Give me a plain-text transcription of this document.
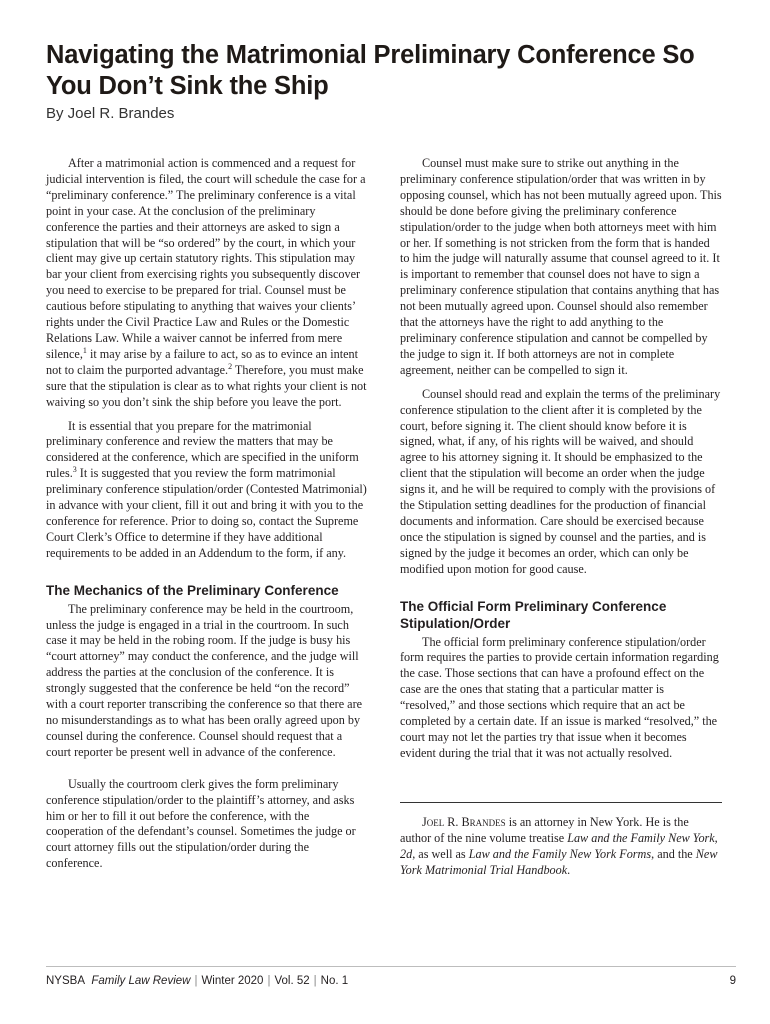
Navigating the Matrimonial Preliminary Conference So
You Don’t Sink the Ship

By Joel R. Brandes

After a matrimonial action is commenced and a request for judicial intervention is filed, the court will schedule the case for a “preliminary conference.” The preliminary conference is a vital point in your case. At the conclusion of the preliminary conference the parties and their attorneys are asked to sign a stipulation that will be “so ordered” by the court, in which your client may give up certain statutory rights. This stipulation may bar your client from exercising rights you subsequently discover you need to exercise to be prepared for trial. Counsel must be cautious before stipulating to anything that waives your clients’ rights under the Civil Practice Law and Rules or the Domestic Relations Law. While a waiver cannot be inferred from mere silence,$^1$ it may arise by a failure to act, so as to evince an intent not to claim the purported advantage.$^2$ Therefore, you must make sure that the stipulation is clear as to what rights your client is not waiving so you don’t sink the ship before you leave the port.

It is essential that you prepare for the matrimonial preliminary conference and review the matters that may be considered at the conference, which are specified in the uniform rules.$^3$ It is suggested that you review the form matrimonial preliminary conference stipulation/order (Contested Matrimonial) in advance with your client, fill it out and bring it with you to the conference for reference. Prior to doing so, contact the Supreme Court Clerk’s Office to determine if they have additional requirements to be added in an Addendum to the form, if any.

The Mechanics of the Preliminary Conference

The preliminary conference may be held in the courtroom, unless the judge is engaged in a trial in the courtroom. In such case it may be held in the robing room. If the judge is busy his “court attorney” may conduct the conference, and the judge will address the parties at the conclusion of the conference. It is strongly suggested that the conference be held “on the record” with a court reporter transcribing the conference so that there are no misunderstandings as to what has been orally agreed upon by counsel during the conference. Counsel should request that a court reporter be present well in advance of the conference.

Usually the courtroom clerk gives the form preliminary conference stipulation/order to the plaintiff’s attorney, and asks him or her to fill it out before the conference, with the cooperation of the defendant’s counsel. Sometimes the judge or court attorney fills out the stipulation/order during the conference.

Counsel must make sure to strike out anything in the preliminary conference stipulation/order that was written in by opposing counsel, which has not been mutually agreed upon. This should be done before giving the preliminary conference stipulation/order to the judge when both attorneys meet with him or her. If something is not stricken from the form that is handed to him the judge will naturally assume that counsel agreed to it. It is important to remember that counsel does not have to sign a preliminary conference stipulation that contains anything that has not been mutually agreed upon. Counsel should also remember that the attorneys have the right to add anything to the preliminary conference stipulation and cannot be compelled by the judge to sign it. If both attorneys are not in complete agreement, neither can be compelled to sign it.

Counsel should read and explain the terms of the preliminary conference stipulation to the client after it is completed by the court, before signing it. The client should know before it is signed, what, if any, of his rights will be waived, and should agree to his attorney signing it. It should be emphasized to the client that the stipulation will become an order when the judge signs it, and he will be required to comply with the provisions of the Stipulation setting deadlines for the production of financial documents and information. Care should be exercised because once the stipulation is signed by counsel and the parties, and is signed by the judge it becomes an order, which can only be modified upon motion for good cause.

The Official Form Preliminary Conference Stipulation/Order

The official form preliminary conference stipulation/order form requires the parties to provide certain information regarding the case. Those sections that can have a profound effect on the case are the ones that stating that a particular matter is “resolved,” and those sections which require that an act be completed by a certain date. If an issue is marked “resolved,” the court may not let the parties try that issue when it becomes evident during the trial that it was not actually resolved.

Joel R. Brandes is an attorney in New York. He is the author of the nine volume treatise Law and the Family New York, 2d, as well as Law and the Family New York Forms, and the New York Matrimonial Trial Handbook.

NYSBA Family Law Review | Winter 2020 | Vol. 52 | No. 1	9
